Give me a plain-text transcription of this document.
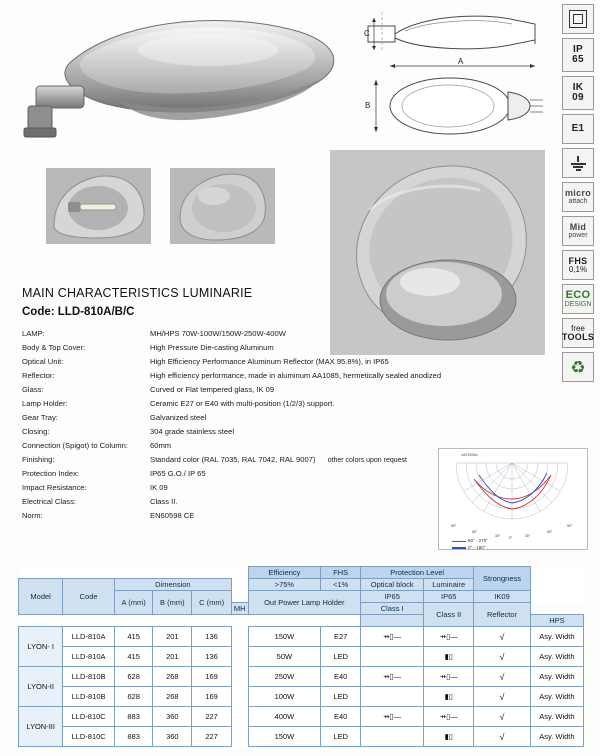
IP
65
IK
09
E1
micro
attach
Mid
power
FHS
0,1%
ECO
DESIGN
free
TOOLS
♻
C
A
B
MAIN CHARACTERISTICS LUMINARIE
Code: LLD-810A/B/C
LAMP:	MH/HPS 70W-100W/150W-250W-400W
Body & Top Cover:	High Pressure Die-casting Aluminum
Optical Unit:	High Efficiency Performance Aluminum Reflector (MAX 95.8%), in IP65
Reflector:	High efficiency performance, made in aluminum AA1085, hermetically sealed anodized
Glass:	Curved or Flat tempered glass, IK 09
Lamp Holder:	Ceramic E27 or E40 with multi-position (1/2/3) support.
Gear Tray:	Galvanized steel
Closing:	304 grade stainless steel
Connection (Spigot) to Column:	60mm
Finishing:	Standard color (RAL 7035, RAL 7042, RAL 9007) other colors upon request
Protection Index:	IP65 G.O./ IP 65
Impact Resistance:	IK 09
Electrical Class:	Class II.
Norm:	EN60598 CE
cd/1000lm
90°
60°
30°	0°	30°
60°
90°
90° - 270°
0° - 180°
						Efficiency	FHS	Protection Level		Strongness	
Model	Code	Dimension				>75%	<1%	Optical block	Luminaire		
		A (mm)	B (mm)	C (mm)		Out Power Lamp Holder		IP65	IP65	IK09	
					MH			Class I	Class II	Reflector	
											HPS
LYON- I	LLD-810A	415	201	136		150W	E27	⇸▯—	⇸▯—	√	Asy. Width
	LLD-810A	415	201	136		50W	LED		▮▯	√	Asy. Width
LYON-II	LLD-810B	628	268	169		250W	E40	⇸▯—	⇸▯—	√	Asy. Width
	LLD-810B	628	268	169		100W	LED		▮▯	√	Asy. Width
LYON-III	LLD-810C	883	360	227		400W	E40	⇸▯—	⇸▯—	√	Asy. Width
	LLD-810C	883	360	227		150W	LED		▮▯	√	Asy. Width
